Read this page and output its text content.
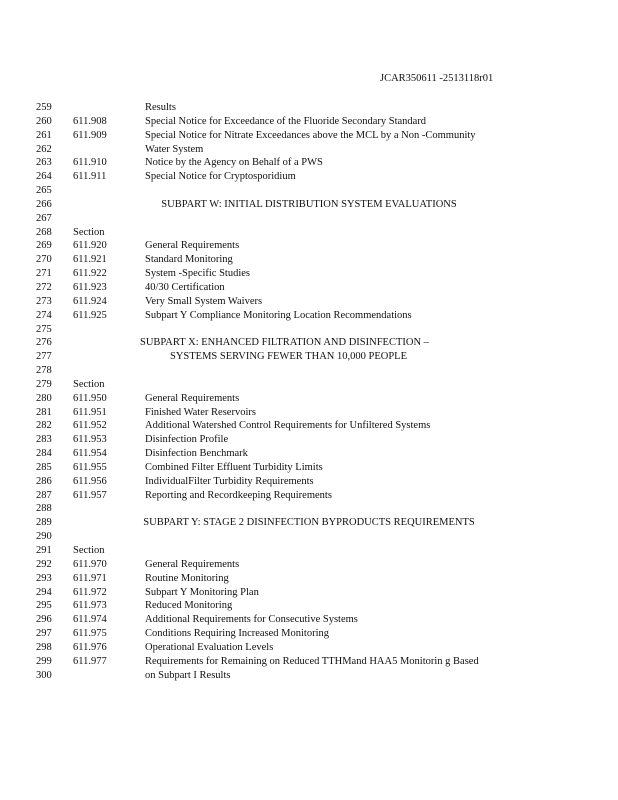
JCAR350611 -2513118r01
259	Results
260	611.908	Special Notice for Exceedance of the Fluoride Secondary Standard
261	611.909	Special Notice for Nitrate Exceedances above the MCL by a Non -Community
262	Water System
263	611.910	Notice by the Agency on Behalf of a PWS
264	611.911	Special Notice for Cryptosporidium
265
266	SUBPART W: INITIAL DISTRIBUTION SYSTEM EVALUATIONS
267
268	Section
269	611.920	General Requirements
270	611.921	Standard Monitoring
271	611.922	System -Specific Studies
272	611.923	40/30 Certification
273	611.924	Very Small System Waivers
274	611.925	Subpart Y Compliance Monitoring Location Recommendations
275
276	SUBPART X: ENHANCED FILTRATION AND DISINFECTION –
277	SYSTEMS SERVING FEWER THAN 10,000 PEOPLE
278
279	Section
280	611.950	General Requirements
281	611.951	Finished Water Reservoirs
282	611.952	Additional Watershed Control Requirements for Unfiltered Systems
283	611.953	Disinfection Profile
284	611.954	Disinfection Benchmark
285	611.955	Combined Filter Effluent Turbidity Limits
286	611.956	IndividualFilter Turbidity Requirements
287	611.957	Reporting and Recordkeeping Requirements
288
289	SUBPART Y: STAGE 2 DISINFECTION BYPRODUCTS REQUIREMENTS
290
291	Section
292	611.970	General Requirements
293	611.971	Routine Monitoring
294	611.972	Subpart Y Monitoring Plan
295	611.973	Reduced Monitoring
296	611.974	Additional Requirements for Consecutive Systems
297	611.975	Conditions Requiring Increased Monitoring
298	611.976	Operational Evaluation Levels
299	611.977	Requirements for Remaining on Reduced TTHMand HAA5 Monitorin g Based
300	on Subpart I Results
